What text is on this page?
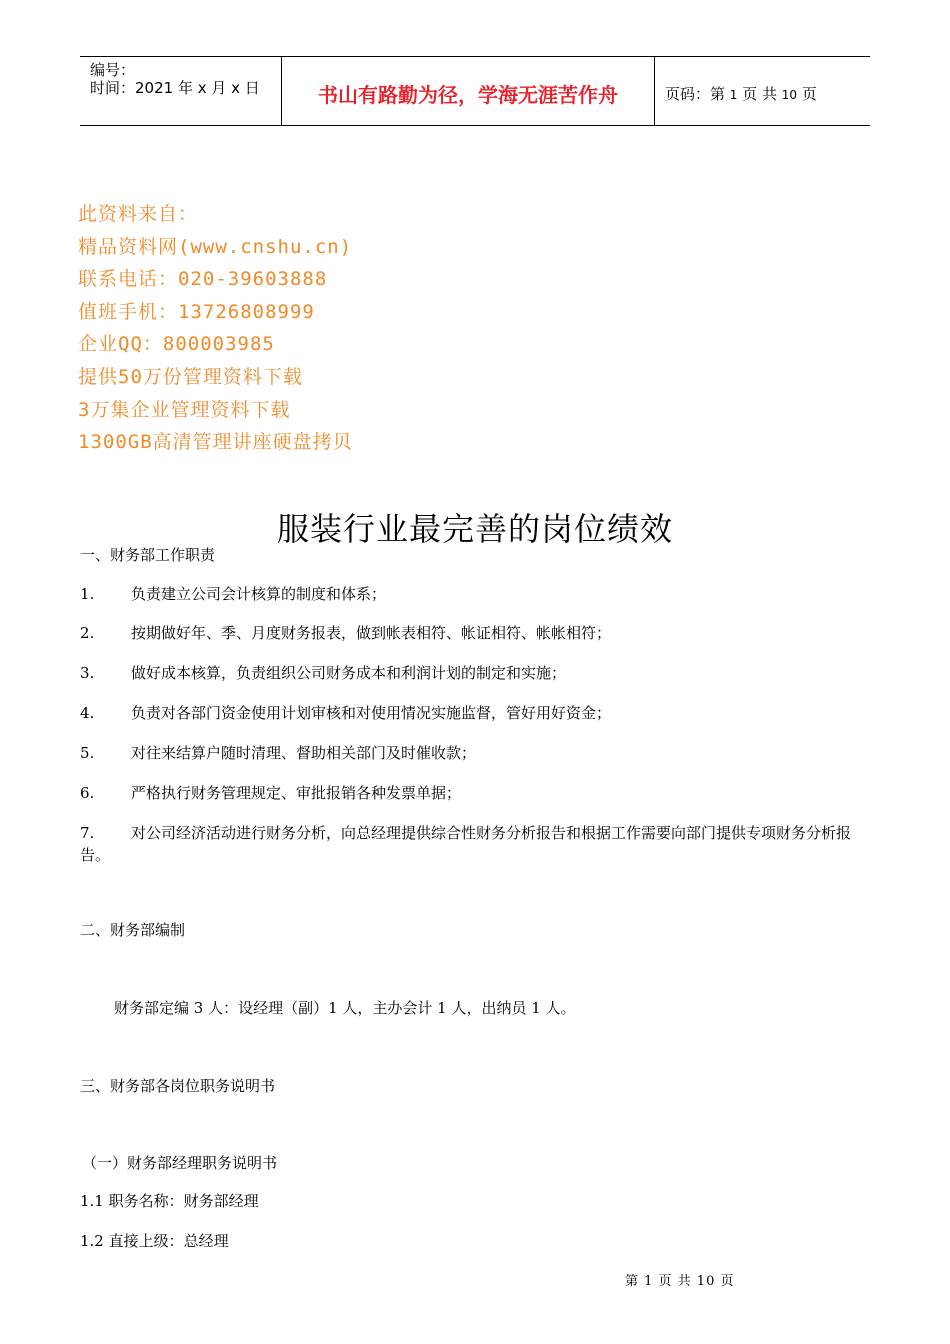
编号：
时间：2021 年 x 月 x 日	书山有路勤为径，学海无涯苦作舟	页码：第 1 页 共 10 页
此资料来自：
精品资料网(www.cnshu.cn)
联系电话：020-39603888
值班手机：13726808999
企业QQ：800003985
提供50万份管理资料下载
3万集企业管理资料下载
1300GB高清管理讲座硬盘拷贝
服装行业最完善的岗位绩效
一、财务部工作职责
1. 负责建立公司会计核算的制度和体系；
2. 按期做好年、季、月度财务报表，做到帐表相符、帐证相符、帐帐相符；
3. 做好成本核算，负责组织公司财务成本和利润计划的制定和实施；
4. 负责对各部门资金使用计划审核和对使用情况实施监督，管好用好资金；
5. 对往来结算户随时清理、督助相关部门及时催收款；
6. 严格执行财务管理规定、审批报销各种发票单据；
7. 对公司经济活动进行财务分析，向总经理提供综合性财务分析报告和根据工作需要向部门提供专项财务分析报告。
二、财务部编制
财务部定编 3 人：设经理（副）1 人，主办会计 1 人，出纳员 1 人。
三、财务部各岗位职务说明书
（一）财务部经理职务说明书
1.1 职务名称：财务部经理
1.2 直接上级：总经理
第 1 页 共 10 页
